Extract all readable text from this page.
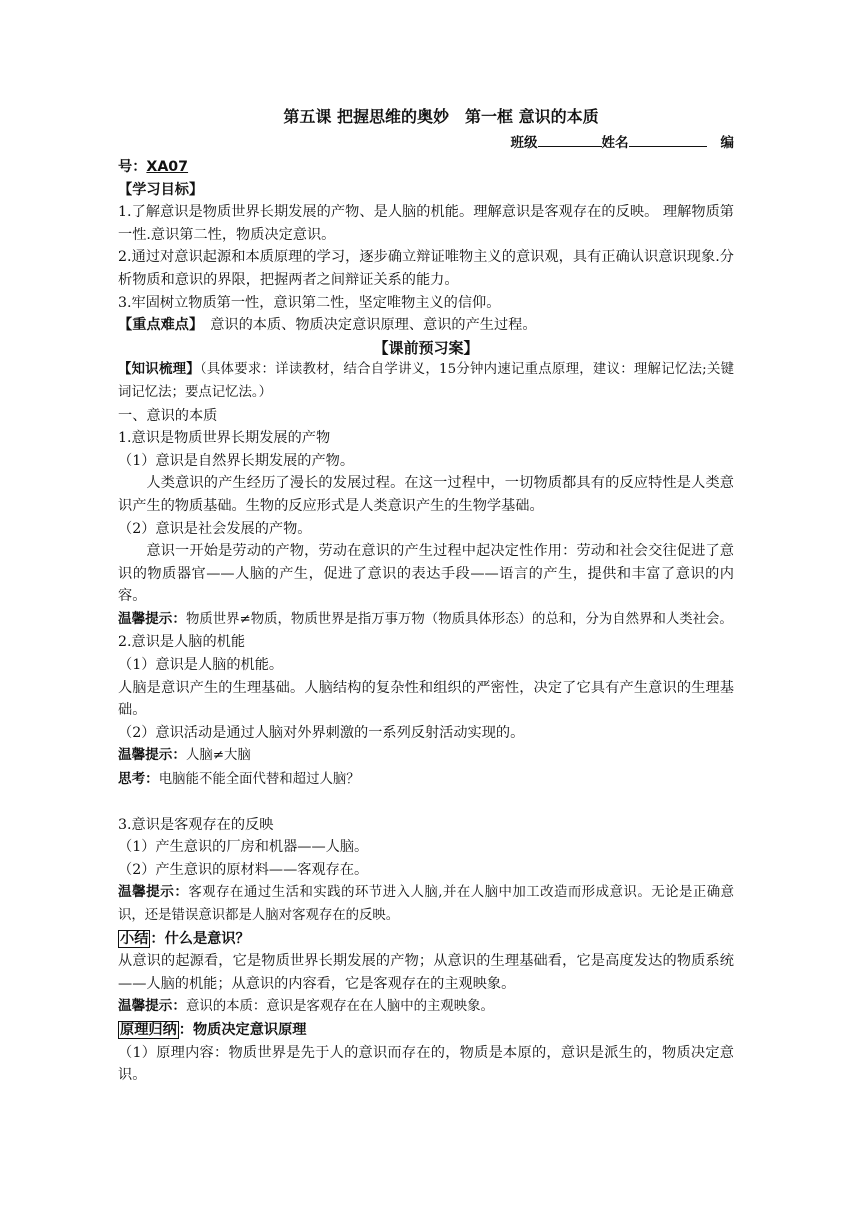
第五课 把握思维的奥妙　第一框 意识的本质
班级	姓名	编
号：XA07
【学习目标】
1.了解意识是物质世界长期发展的产物、是人脑的机能。理解意识是客观存在的反映。 理解物质第一性.意识第二性，物质决定意识。
2.通过对意识起源和本质原理的学习，逐步确立辩证唯物主义的意识观，具有正确认识意识现象.分析物质和意识的界限，把握两者之间辩证关系的能力。
3.牢固树立物质第一性，意识第二性，坚定唯物主义的信仰。
【重点难点】　意识的本质、物质决定意识原理、意识的产生过程。
【课前预习案】
【知识梳理】（具体要求：详读教材，结合自学讲义，15分钟内速记重点原理，建议：理解记忆法;关键词记忆法；要点记忆法。）
一、意识的本质
1.意识是物质世界长期发展的产物
（1）意识是自然界长期发展的产物。
人类意识的产生经历了漫长的发展过程。在这一过程中，一切物质都具有的反应特性是人类意识产生的物质基础。生物的反应形式是人类意识产生的生物学基础。
（2）意识是社会发展的产物。
意识一开始是劳动的产物，劳动在意识的产生过程中起决定性作用：劳动和社会交往促进了意识的物质器官——人脑的产生，促进了意识的表达手段——语言的产生，提供和丰富了意识的内容。
温馨提示：物质世界≠物质，物质世界是指万事万物（物质具体形态）的总和，分为自然界和人类社会。
2.意识是人脑的机能
（1）意识是人脑的机能。
人脑是意识产生的生理基础。人脑结构的复杂性和组织的严密性，决定了它具有产生意识的生理基础。
（2）意识活动是通过人脑对外界刺激的一系列反射活动实现的。
温馨提示：人脑≠大脑
思考：电脑能不能全面代替和超过人脑？
3.意识是客观存在的反映
（1）产生意识的厂房和机器——人脑。
（2）产生意识的原材料——客观存在。
温馨提示：客观存在通过生活和实践的环节进入人脑,并在人脑中加工改造而形成意识。无论是正确意识，还是错误意识都是人脑对客观存在的反映。
小结 ：什么是意识？
从意识的起源看，它是物质世界长期发展的产物；从意识的生理基础看，它是高度发达的物质系统——人脑的机能；从意识的内容看，它是客观存在的主观映象。
温馨提示：意识的本质：意识是客观存在在人脑中的主观映象。
原理归纳 ：物质决定意识原理
（1）原理内容：物质世界是先于人的意识而存在的，物质是本原的，意识是派生的，物质决定意识。
